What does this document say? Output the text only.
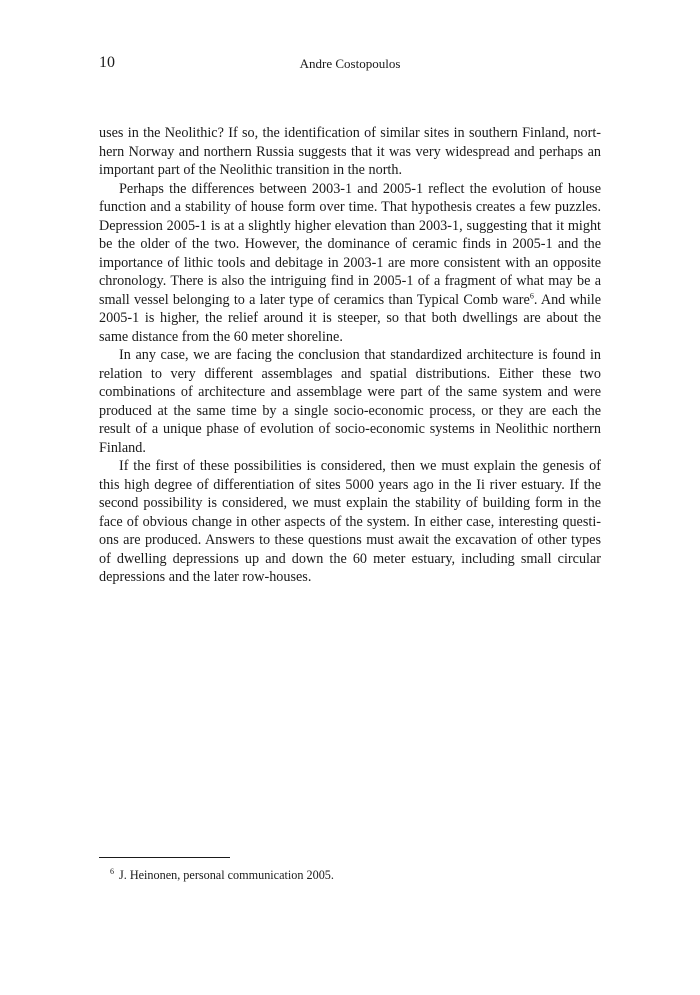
10	Andre Costopoulos

uses in the Neolithic? If so, the identification of similar sites in southern Finland, northern Norway and northern Russia suggests that it was very widespread and perhaps an important part of the Neolithic transition in the north.

Perhaps the differences between 2003-1 and 2005-1 reflect the evolution of house function and a stability of house form over time. That hypothesis creates a few puzzles. Depression 2005-1 is at a slightly higher elevation than 2003-1, suggesting that it might be the older of the two. However, the dominance of ceramic finds in 2005-1 and the importance of lithic tools and debitage in 2003-1 are more consistent with an opposite chronology. There is also the intriguing find in 2005-1 of a fragment of what may be a small vessel belonging to a later type of ceramics than Typical Comb ware$^6$. And while 2005-1 is higher, the relief around it is steeper, so that both dwellings are about the same distance from the 60 meter shoreline.

In any case, we are facing the conclusion that standardized architecture is found in relation to very different assemblages and spatial distributions. Either these two combinations of architecture and assemblage were part of the same system and were produced at the same time by a single socio-economic process, or they are each the result of a unique phase of evolution of socio-economic systems in Neolithic northern Finland.

If the first of these possibilities is considered, then we must explain the genesis of this high degree of differentiation of sites 5000 years ago in the Ii river estuary. If the second possibility is considered, we must explain the stability of building form in the face of obvious change in other aspects of the system. In either case, interesting questions are produced. Answers to these questions must await the excavation of other types of dwelling depressions up and down the 60 meter estuary, including small circular depressions and the later row-houses.

$^6$ J. Heinonen, personal communication 2005.
